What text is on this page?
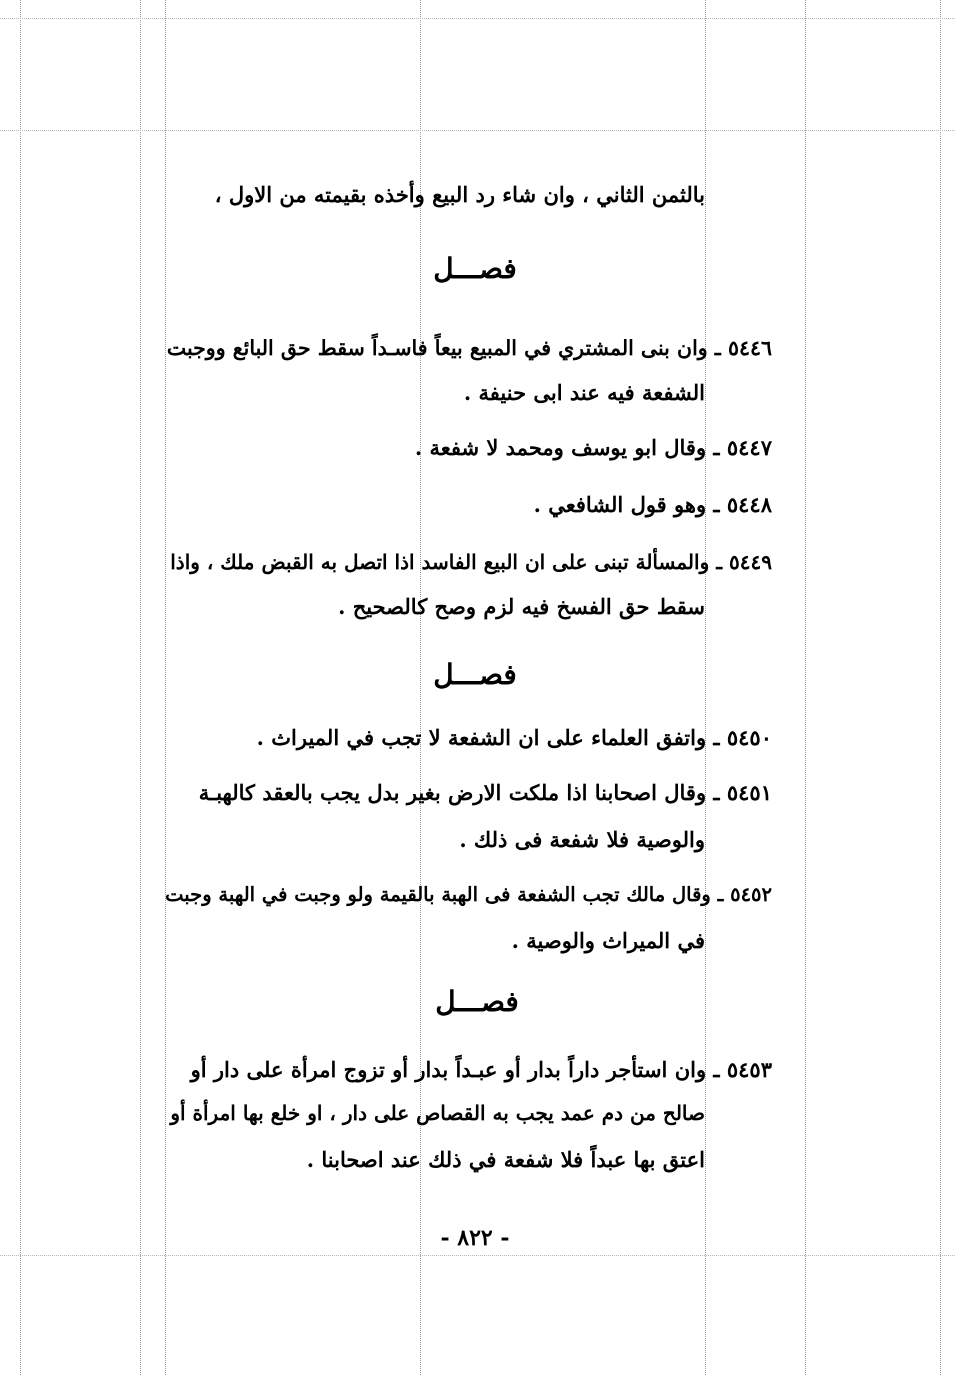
بالثمن الثاني ، وان شاء رد البيع وأخذه بقيمته من الاول ،
فصـــل
٥٤٤٦ ـ وان بنى المشتري في المبيع بيعاً فاسـداً سقط حق البائع ووجبت
الشفعة فيه عند ابى حنيفة .
٥٤٤٧ ـ وقال ابو يوسف ومحمد لا شفعة .
٥٤٤٨ ـ وهو قول الشافعي .
٥٤٤٩ ـ والمسألة تبنى على ان البيع الفاسد اذا اتصل به القبض ملك ، واذا
سقط حق الفسخ فيه لزم وصح كالصحيح .
فصـــل
٥٤٥٠ ـ واتفق العلماء على ان الشفعة لا تجب في الميراث .
٥٤٥١ ـ وقال اصحابنا اذا ملكت الارض بغير بدل يجب بالعقد كالهبـة
والوصية فلا شفعة فى ذلك .
٥٤٥٢ ـ وقال مالك تجب الشفعة فى الهبة بالقيمة ولو وجبت في الهبة وجبت
في الميراث والوصية .
فصـــل
٥٤٥٣ ـ وان استأجر داراً بدار أو عبـداً بدار أو تزوج امرأة على دار أو
صالح من دم عمد يجب به القصاص على دار ، او خلع بها امرأة أو
اعتق بها عبداً فلا شفعة في ذلك عند اصحابنا .
- ٨٢٢ -
